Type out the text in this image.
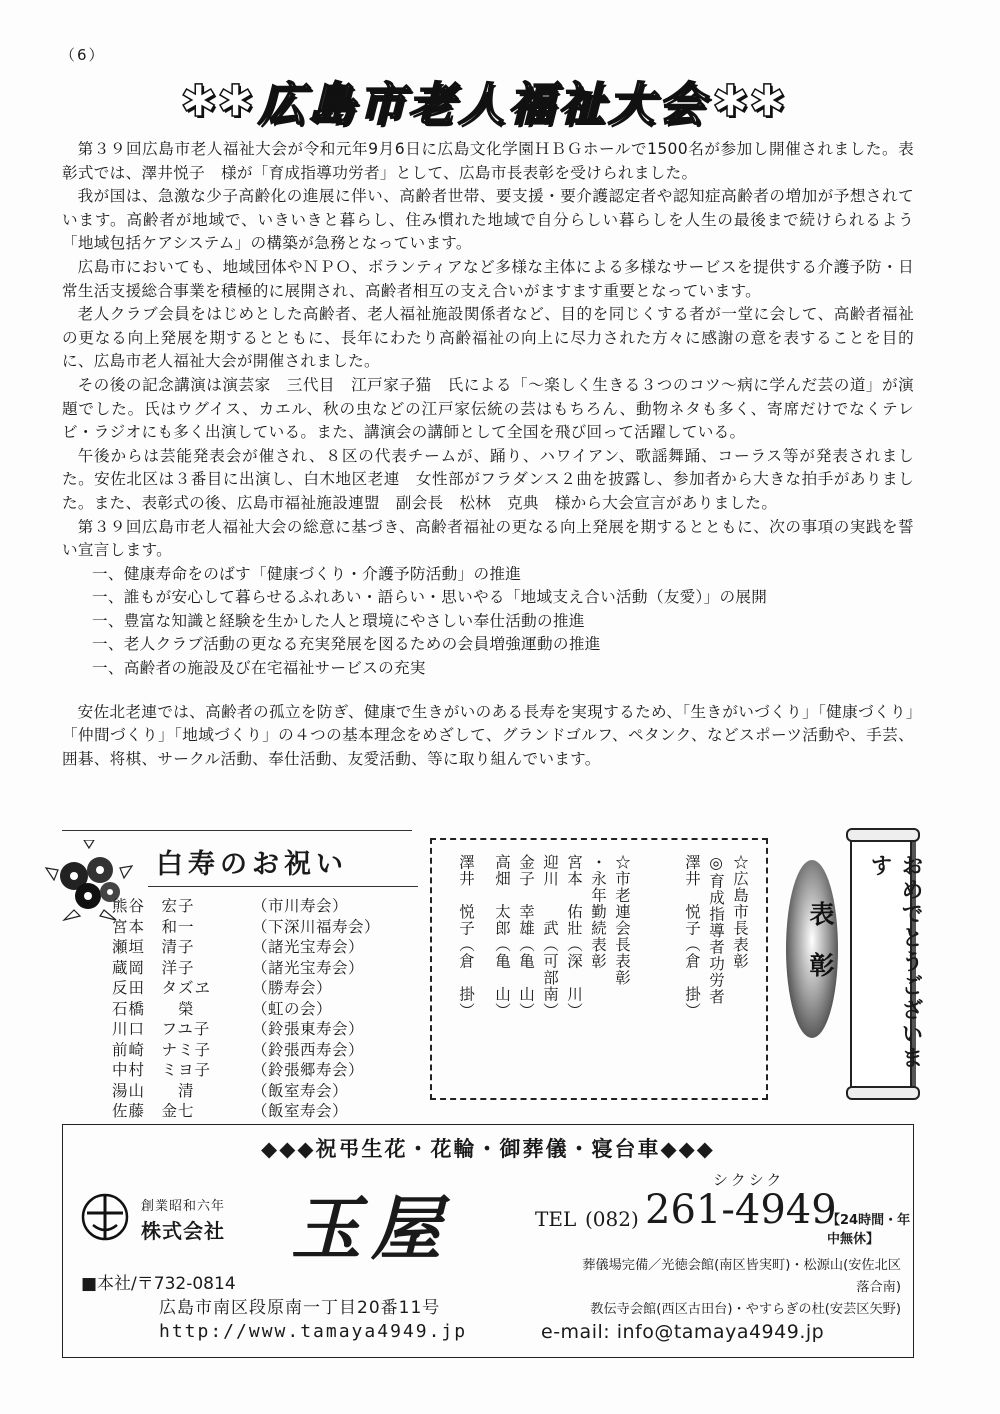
（6）
✱✱ 広島市老人福祉大会 ✱✱

第３９回広島市老人福祉大会が令和元年9月6日に広島文化学園ＨＢＧホールで1500名が参加し開催されました。表彰式では、澤井悦子　様が「育成指導功労者」として、広島市長表彰を受けられました。

我が国は、急激な少子高齢化の進展に伴い、高齢者世帯、要支援・要介護認定者や認知症高齢者の増加が予想されています。高齢者が地域で、いきいきと暮らし、住み慣れた地域で自分らしい暮らしを人生の最後まで続けられるよう「地域包括ケアシステム」の構築が急務となっています。

広島市においても、地域団体やＮＰＯ、ボランティアなど多様な主体による多様なサービスを提供する介護予防・日常生活支援総合事業を積極的に展開され、高齢者相互の支え合いがますます重要となっています。

老人クラブ会員をはじめとした高齢者、老人福祉施設関係者など、目的を同じくする者が一堂に会して、高齢者福祉の更なる向上発展を期するとともに、長年にわたり高齢福祉の向上に尽力された方々に感謝の意を表することを目的に、広島市老人福祉大会が開催されました。

その後の記念講演は演芸家　三代目　江戸家子猫　氏による「～楽しく生きる３つのコツ～病に学んだ芸の道」が演題でした。氏はウグイス、カエル、秋の虫などの江戸家伝統の芸はもちろん、動物ネタも多く、寄席だけでなくテレビ・ラジオにも多く出演している。また、講演会の講師として全国を飛び回って活躍している。

午後からは芸能発表会が催され、８区の代表チームが、踊り、ハワイアン、歌謡舞踊、コーラス等が発表されました。安佐北区は３番目に出演し、白木地区老連　女性部がフラダンス２曲を披露し、参加者から大きな拍手がありました。また、表彰式の後、広島市福祉施設連盟　副会長　松林　克典　様から大会宣言がありました。

第３９回広島市老人福祉大会の総意に基づき、高齢者福祉の更なる向上発展を期するとともに、次の事項の実践を誓い宣言します。

一、健康寿命をのばす「健康づくり・介護予防活動」の推進
一、誰もが安心して暮らせるふれあい・語らい・思いやる「地域支え合い活動（友愛）」の展開
一、豊富な知識と経験を生かした人と環境にやさしい奉仕活動の推進
一、老人クラブ活動の更なる充実発展を図るための会員増強運動の推進
一、高齢者の施設及び在宅福祉サービスの充実

安佐北老連では、高齢者の孤立を防ぎ、健康で生きがいのある長寿を実現するため、「生きがいづくり」「健康づくり」「仲間づくり」「地域づくり」の４つの基本理念をめざして、グランドゴルフ、ペタンク、などスポーツ活動や、手芸、囲碁、将棋、サークル活動、奉仕活動、友愛活動、等に取り組んでいます。

白寿のお祝い
熊谷　宏子	（市川寿会）
宮本　和一	（下深川福寿会）
瀬垣　清子	（諸光宝寿会）
蔵岡　洋子	（諸光宝寿会）
反田　タズヱ	（勝寿会）
石橋　　榮	（虹の会）
川口　フユ子	（鈴張東寿会）
前崎　ナミ子	（鈴張西寿会）
中村　ミヨ子	（鈴張郷寿会）
湯山　　清	（飯室寿会）
佐藤　金七	（飯室寿会）
☆広島市長表彰
◎育成指導者功労者
澤井　悦子（倉　掛）
宮本　佑壯（深　川）
迎川　　武（可部南）
金子　幸雄（亀　山）
高畑　太郎（亀　山）
澤井　悦子（倉　掛）	・永年勤続表彰 ☆市老連会長表彰	表彰	おめでとうございます
◆◆◆祝弔生花・花輪・御葬儀・寝台車◆◆◆
創業昭和六年
株式会社 玉屋
シクシク
TEL (082) 261-4949
【24時間・年中無休】
葬儀場完備／光徳会館(南区皆実町)・松源山(安佐北区落合南)
教伝寺会館(西区古田台)・やすらぎの杜(安芸区矢野)
■本社/〒732-0814
広島市南区段原南一丁目20番11号
http://www.tamaya4949.jp	e-mail: info@tamaya4949.jp
